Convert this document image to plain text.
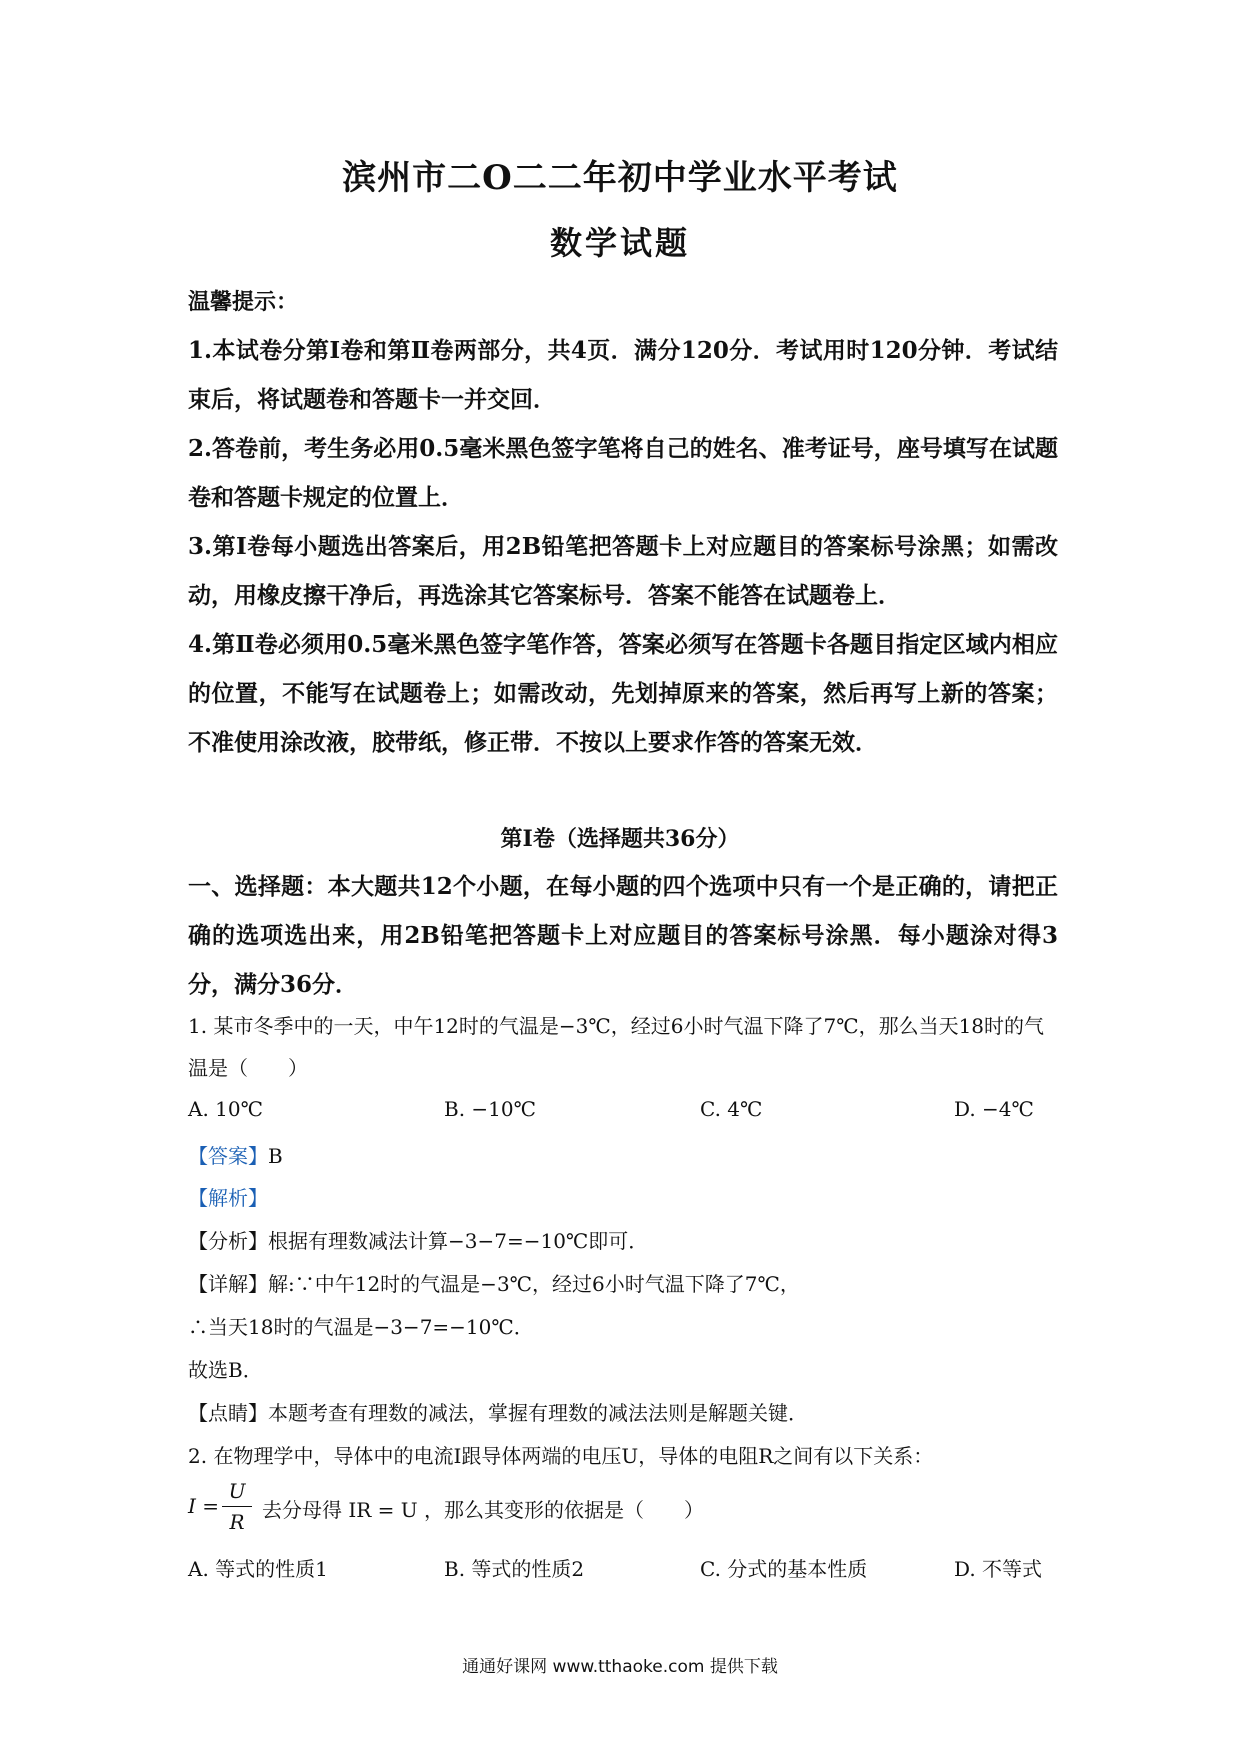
滨州市二O二二年初中学业水平考试
数学试题
温馨提示：
1.本试卷分第Ⅰ卷和第Ⅱ卷两部分，共4页．满分120分．考试用时120分钟．考试结束后，将试题卷和答题卡一并交回．
2.答卷前，考生务必用0.5毫米黑色签字笔将自己的姓名、准考证号，座号填写在试题卷和答题卡规定的位置上．
3.第Ⅰ卷每小题选出答案后，用2B铅笔把答题卡上对应题目的答案标号涂黑；如需改动，用橡皮擦干净后，再选涂其它答案标号．答案不能答在试题卷上．
4.第Ⅱ卷必须用0.5毫米黑色签字笔作答，答案必须写在答题卡各题目指定区域内相应的位置，不能写在试题卷上；如需改动，先划掉原来的答案，然后再写上新的答案；不准使用涂改液，胶带纸，修正带．不按以上要求作答的答案无效．
第Ⅰ卷（选择题共36分）
一、选择题：本大题共12个小题，在每小题的四个选项中只有一个是正确的，请把正确的选项选出来，用2B铅笔把答题卡上对应题目的答案标号涂黑．每小题涂对得3分，满分36分．
1. 某市冬季中的一天，中午12时的气温是−3℃，经过6小时气温下降了7℃，那么当天18时的气温是（　　）
A. 10℃	B. −10℃	C. 4℃	D. −4℃
【答案】B
【解析】
【分析】根据有理数减法计算−3−7=−10℃即可．
【详解】解:∵中午12时的气温是−3℃，经过6小时气温下降了7℃，
∴当天18时的气温是−3−7=−10℃．
故选B．
【点睛】本题考查有理数的减法，掌握有理数的减法法则是解题关键．
2. 在物理学中，导体中的电流I跟导体两端的电压U，导体的电阻R之间有以下关系：
I =
U
R 去分母得 IR = U ，那么其变形的依据是（　　）
A. 等式的性质1	B. 等式的性质2	C. 分式的基本性质	D. 不等式
通通好课网 www.tthaoke.com 提供下载
